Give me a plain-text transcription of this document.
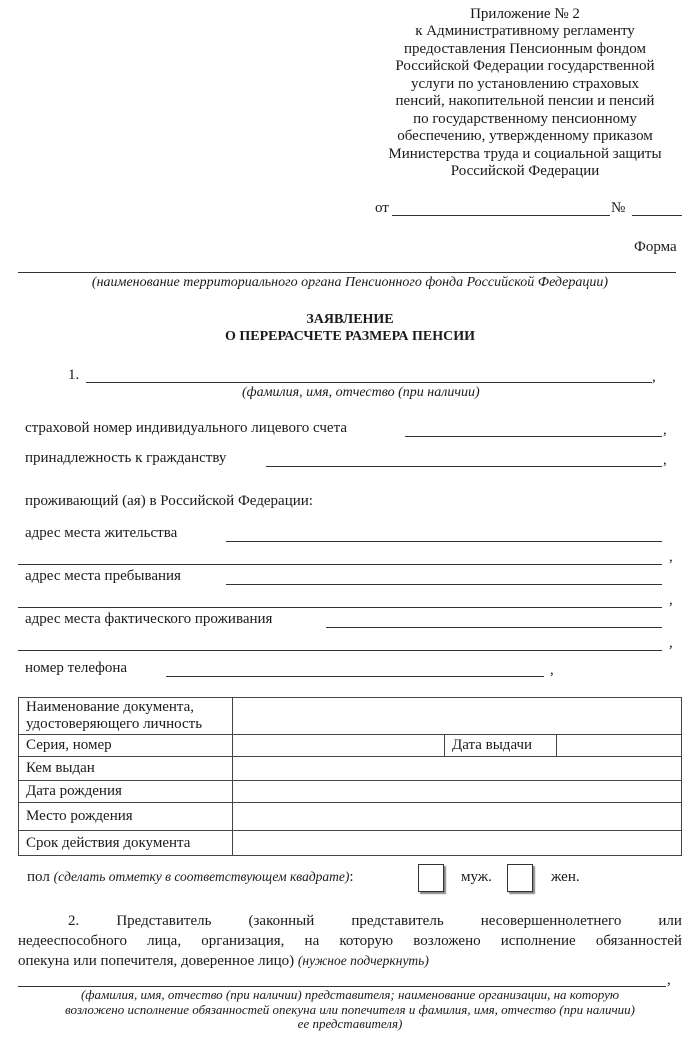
Приложение № 2
к Административному регламенту
предоставления Пенсионным фондом
Российской Федерации государственной
услуги по установлению страховых
пенсий, накопительной пенсии и пенсий
по государственному пенсионному
обеспечению, утвержденному приказом
Министерства труда и социальной защиты
Российской Федерации
от	№
Форма
(наименование территориального органа Пенсионного фонда Российской Федерации)
ЗАЯВЛЕНИЕ
О ПЕРЕРАСЧЕТЕ РАЗМЕРА ПЕНСИИ
1.	,
(фамилия, имя, отчество (при наличии)
страховой номер индивидуального лицевого счета	,
принадлежность к гражданству	,
проживающий (ая) в Российской Федерации:
адрес места жительства
,
адрес места пребывания
,
адрес места фактического проживания
,
номер телефона	,
Наименование документа, удостоверяющего личность			
Серия, номер		Дата выдачи	
Кем выдан			
Дата рождения			
Место рождения			
Срок действия документа			
пол (сделать отметку в соответствующем квадрате):	муж.	жен.
2. Представитель (законный представитель несовершеннолетнего или
недееспособного лица, организация, на которую возложено исполнение обязанностей
опекуна или попечителя, доверенное лицо) (нужное подчеркнуть)
,
(фамилия, имя, отчество (при наличии) представителя; наименование организации, на которую
возложено исполнение обязанностей опекуна или попечителя и фамилия, имя, отчество (при наличии)
ее представителя)
